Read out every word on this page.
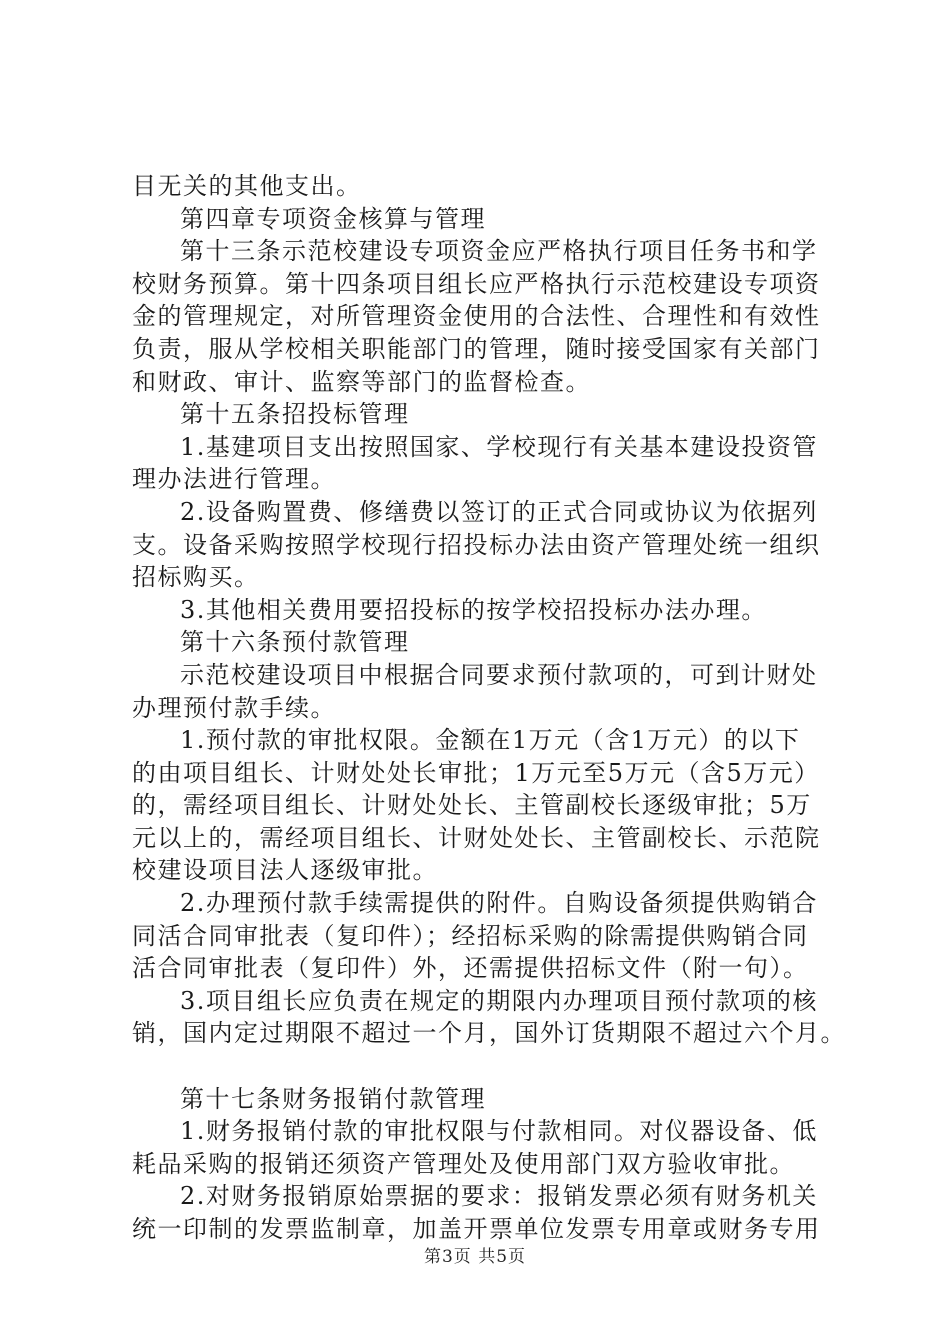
目无关的其他支出。
第四章专项资金核算与管理
第十三条示范校建设专项资金应严格执行项目任务书和学
校财务预算。第十四条项目组长应严格执行示范校建设专项资
金的管理规定，对所管理资金使用的合法性、合理性和有效性
负责，服从学校相关职能部门的管理，随时接受国家有关部门
和财政、审计、监察等部门的监督检查。
第十五条招投标管理
1.基建项目支出按照国家、学校现行有关基本建设投资管
理办法进行管理。
2.设备购置费、修缮费以签订的正式合同或协议为依据列
支。设备采购按照学校现行招投标办法由资产管理处统一组织
招标购买。
3.其他相关费用要招投标的按学校招投标办法办理。
第十六条预付款管理
示范校建设项目中根据合同要求预付款项的，可到计财处
办理预付款手续。
1.预付款的审批权限。金额在1万元（含1万元）的以下
的由项目组长、计财处处长审批；1万元至5万元（含5万元）
的，需经项目组长、计财处处长、主管副校长逐级审批；5万
元以上的，需经项目组长、计财处处长、主管副校长、示范院
校建设项目法人逐级审批。
2.办理预付款手续需提供的附件。自购设备须提供购销合
同活合同审批表（复印件）；经招标采购的除需提供购销合同
活合同审批表（复印件）外，还需提供招标文件（附一句）。
3.项目组长应负责在规定的期限内办理项目预付款项的核
销，国内定过期限不超过一个月，国外订货期限不超过六个月。
第十七条财务报销付款管理
1.财务报销付款的审批权限与付款相同。对仪器设备、低
耗品采购的报销还须资产管理处及使用部门双方验收审批。
2.对财务报销原始票据的要求：报销发票必须有财务机关
统一印制的发票监制章，加盖开票单位发票专用章或财务专用
第3页 共5页
